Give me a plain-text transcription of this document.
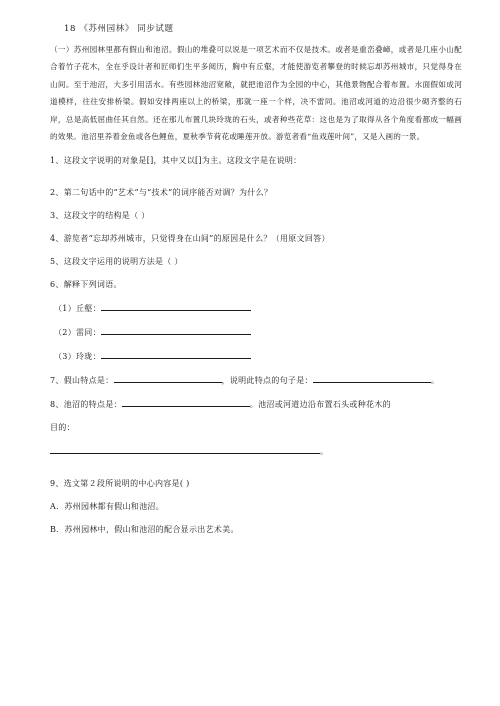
18 《苏州园林》 同步试题

（一）苏州园林里都有假山和池沼。假山的堆叠可以说是一项艺术而不仅是技术。或者是重峦叠嶂，或者是几座小山配合着竹子花木，全在乎设计者和匠师们生平多阅历，胸中有丘壑，才能使游览者攀登的时候忘却苏州城市，只觉得身在山间。至于池沼，大多引用活水。有些园林池沼宽敞，就把池沼作为全园的中心，其他景物配合着布置。水面假如成河道模样，往往安排桥梁。假如安排两座以上的桥梁，那就一座一个样，决不雷同。池沼或河道的边沿很少砌齐整的石岸，总是高低屈曲任其自然。还在那儿布置几块玲珑的石头，或者种些花草：这也是为了取得从各个角度看都成一幅画的效果。池沼里养着金鱼或各色鲤鱼，夏秋季节荷花或睡莲开放。游览者看“鱼戏莲叶间”，又是入画的一景。

1、这段文字说明的对象是[]，其中又以[]为主。这段文字是在说明：

2、第二句话中的“艺术”与“技术”的词序能否对调？为什么？

3、这段文字的结构是（ ）

4、游览者“忘却苏州城市，只觉得身在山间”的原因是什么？（用原文回答）

5、这段文字运用的说明方法是（ ）

6、解释下列词语。

（1）丘壑：

（2）雷同：

（3）玲珑：

7、假山特点是：	，说明此特点的句子是：	。

8、池沼的特点是：	。池沼或河道边沿布置石头或种花木的

目的：

。

9、选文第２段所说明的中心内容是( )

A．苏州园林都有假山和池沼。

B．苏州园林中，假山和池沼的配合显示出艺术美。
